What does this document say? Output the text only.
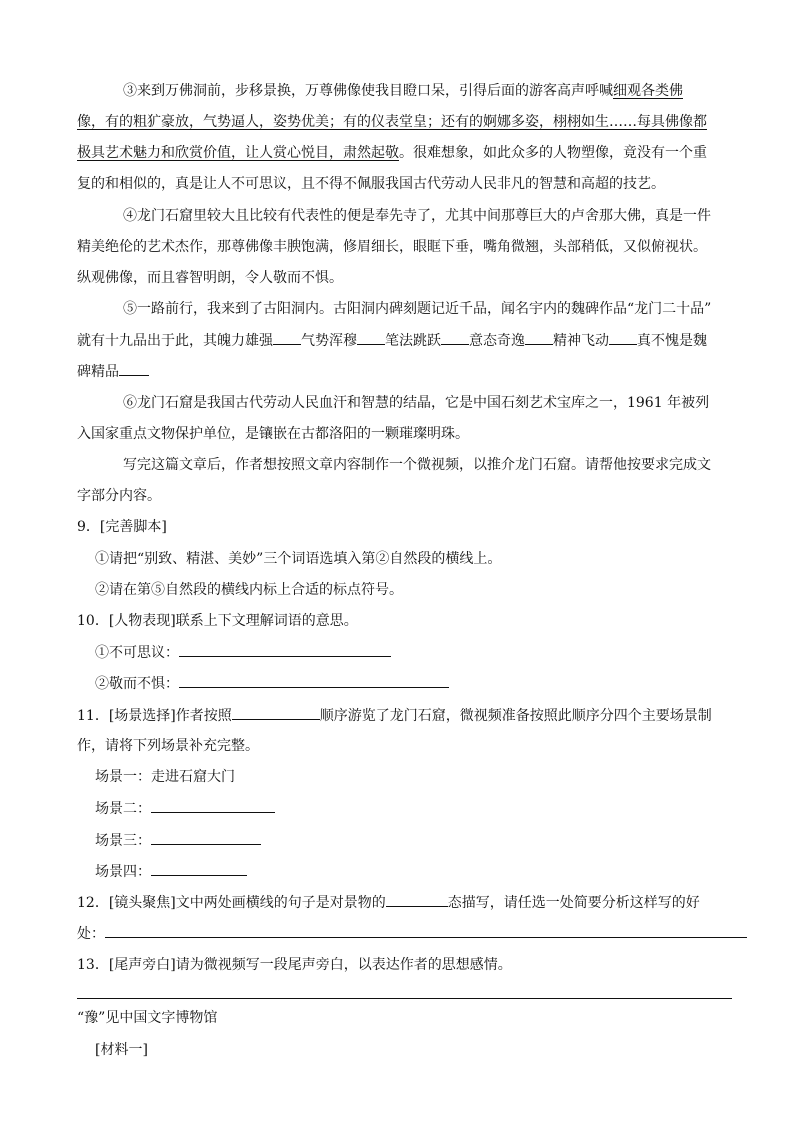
③来到万佛洞前，步移景换，万尊佛像使我目瞪口呆，引得后面的游客高声呼喊细观各类佛
像，有的粗犷豪放，气势逼人，姿势优美；有的仪表堂皇；还有的婀娜多姿，栩栩如生……每具佛像都
极具艺术魅力和欣赏价值，让人赏心悦目，肃然起敬。很难想象，如此众多的人物塑像，竟没有一个重
复的和相似的，真是让人不可思议，且不得不佩服我国古代劳动人民非凡的智慧和高超的技艺。
④龙门石窟里较大且比较有代表性的便是奉先寺了，尤其中间那尊巨大的卢舍那大佛，真是一件
精美绝伦的艺术杰作，那尊佛像丰腴饱满，修眉细长，眼眶下垂，嘴角微翘，头部稍低，又似俯视状。
纵观佛像，而且睿智明朗，令人敬而不惧。
⑤一路前行，我来到了古阳洞内。古阳洞内碑刻题记近千品，闻名宇内的魏碑作品“龙门二十品”
就有十九品出于此，其魄力雄强 气势浑穆 笔法跳跃 意态奇逸 精神飞动 真不愧是魏
碑精品
⑥龙门石窟是我国古代劳动人民血汗和智慧的结晶，它是中国石刻艺术宝库之一，1961 年被列
入国家重点文物保护单位，是镶嵌在古都洛阳的一颗璀璨明珠。
写完这篇文章后，作者想按照文章内容制作一个微视频，以推介龙门石窟。请帮他按要求完成文
字部分内容。
9．[完善脚本]
①请把“别致、精湛、美妙”三个词语选填入第②自然段的横线上。
②请在第⑤自然段的横线内标上合适的标点符号。
10．[人物表现]联系上下文理解词语的意思。
①不可思议：
②敬而不惧：
11．[场景选择]作者按照	顺序游览了龙门石窟，微视频准备按照此顺序分四个主要场景制
作，请将下列场景补充完整。
场景一：走进石窟大门
场景二：
场景三：
场景四：
12．[镜头聚焦]文中两处画横线的句子是对景物的	态描写，请任选一处简要分析这样写的好
处：
13．[尾声旁白]请为微视频写一段尾声旁白，以表达作者的思想感情。
“豫”见中国文字博物馆
[材料一]
